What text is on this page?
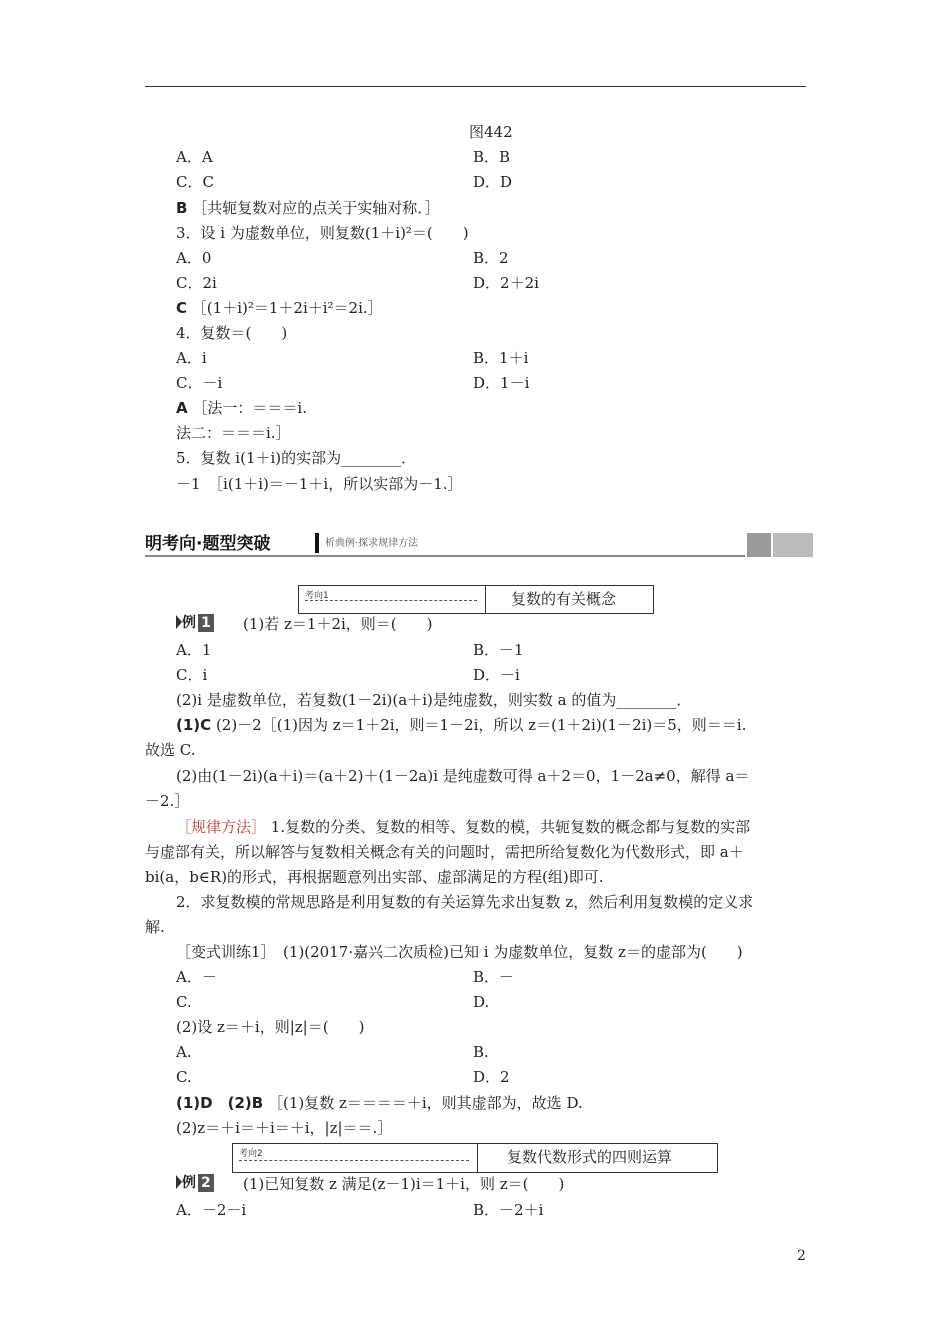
图442
A．A	B．B
C．C	D．D
B ［共轭复数对应的点关于实轴对称．］
3．设 i 为虚数单位，则复数(1＋i)²＝(　　)
A．0	B．2
C．2i	D．2＋2i
C ［(1＋i)²＝1＋2i＋i²＝2i.］
4．复数＝(　　)
A．i	B．1＋i
C．－i	D．1－i
A ［法一：＝＝＝i.
法二：＝＝＝i.］
5．复数 i(1＋i)的实部为________．
－1　［i(1＋i)＝－1＋i，所以实部为－1.］
明考向·题型突破	析典例·探求规律方法
考向1	复数的有关概念
例 1 (1)若 z＝1＋2i，则＝(　　)
A．1	B．－1
C．i	D．－i
(2)i 是虚数单位，若复数(1－2i)(a＋i)是纯虚数，则实数 a 的值为________．
(1)C (2)－2［(1)因为 z＝1＋2i，则＝1－2i，所以 z＝(1＋2i)(1－2i)＝5，则＝＝i.
故选 C.
(2)由(1－2i)(a＋i)＝(a＋2)＋(1－2a)i 是纯虚数可得 a＋2＝0，1－2a≠0，解得 a＝
－2.］
［规律方法］ 1.复数的分类、复数的相等、复数的模，共轭复数的概念都与复数的实部
与虚部有关，所以解答与复数相关概念有关的问题时，需把所给复数化为代数形式，即 a＋
bi(a，b∈R)的形式，再根据题意列出实部、虚部满足的方程(组)即可.
2．求复数模的常规思路是利用复数的有关运算先求出复数 z，然后利用复数模的定义求
解.
［变式训练1］　(1)(2017·嘉兴二次质检)已知 i 为虚数单位，复数 z＝的虚部为(　　)
A．－	B．－
C.	D.
(2)设 z＝＋i，则|z|＝(　　)
A.	B.
C.	D．2
(1)D　(2)B ［(1)复数 z＝＝＝＝＋i，则其虚部为，故选 D.
(2)z＝＋i＝＋i＝＋i，|z|＝＝.］
考向2	复数代数形式的四则运算
例 2 (1)已知复数 z 满足(z－1)i＝1＋i，则 z＝(　　)
A．－2－i	B．－2＋i
2
